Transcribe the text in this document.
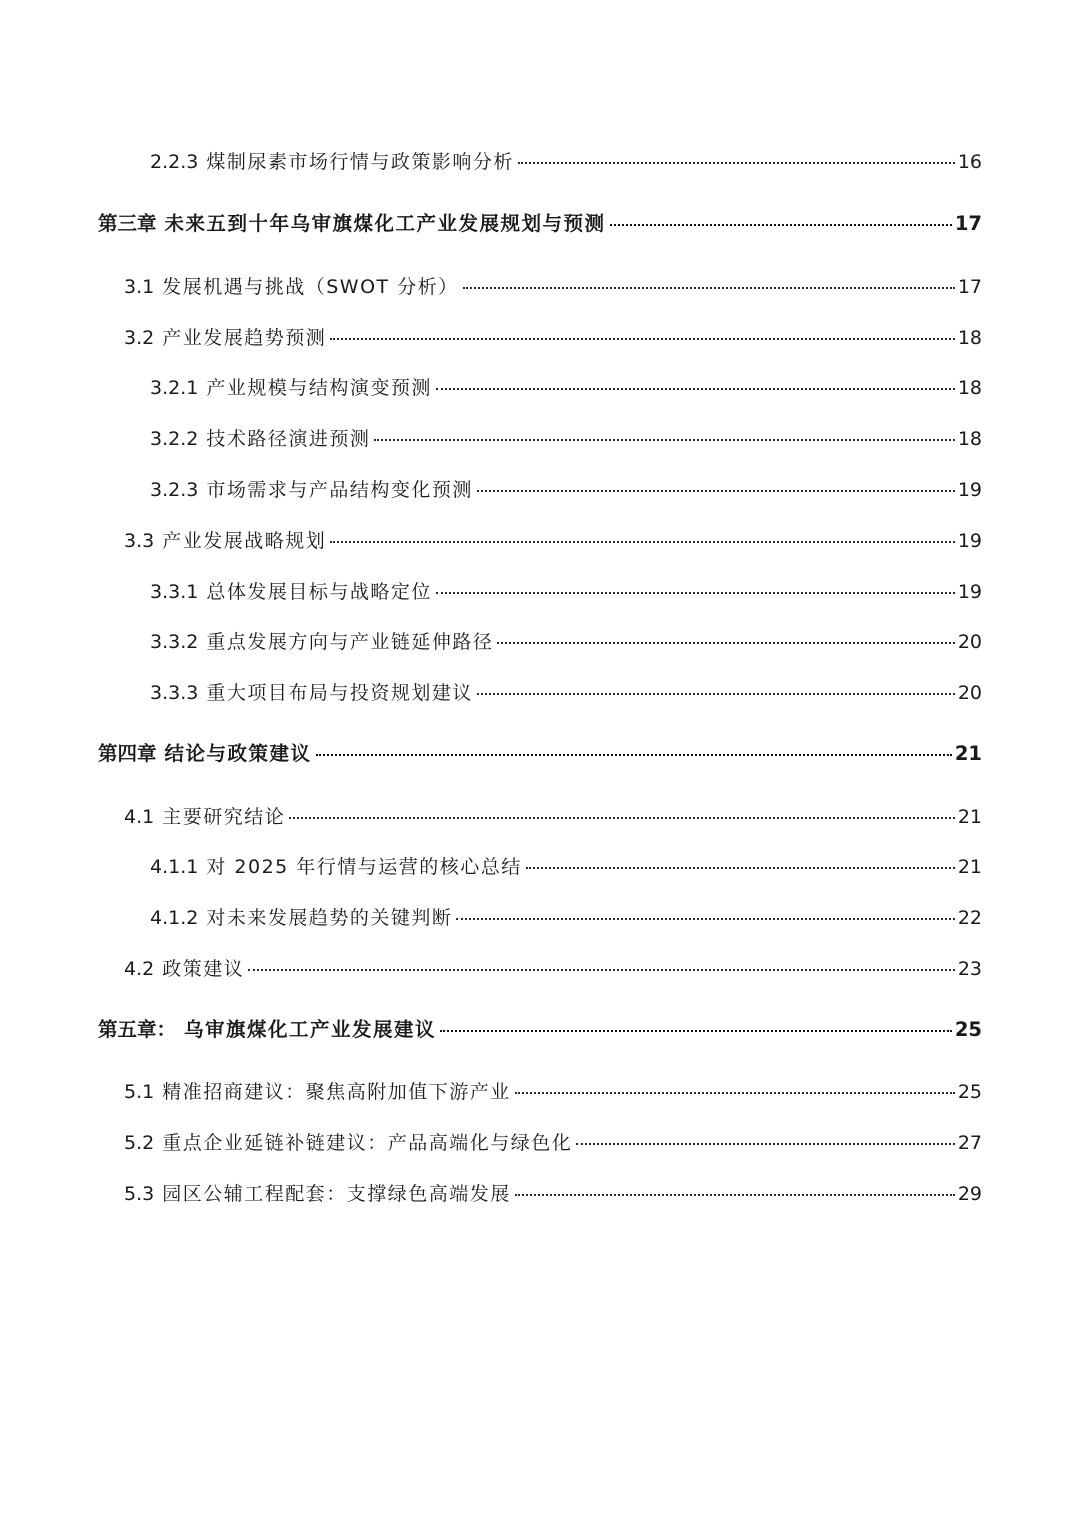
2.2.3 煤制尿素市场行情与政策影响分析	16
第三章 未来五到十年乌审旗煤化工产业发展规划与预测	17
3.1 发展机遇与挑战（SWOT 分析）	17
3.2 产业发展趋势预测	18
3.2.1 产业规模与结构演变预测	18
3.2.2 技术路径演进预测	18
3.2.3 市场需求与产品结构变化预测	19
3.3 产业发展战略规划	19
3.3.1 总体发展目标与战略定位	19
3.3.2 重点发展方向与产业链延伸路径	20
3.3.3 重大项目布局与投资规划建议	20
第四章 结论与政策建议	21
4.1 主要研究结论	21
4.1.1 对 2025 年行情与运营的核心总结	21
4.1.2 对未来发展趋势的关键判断	22
4.2 政策建议	23
第五章： 乌审旗煤化工产业发展建议	25
5.1 精准招商建议：聚焦高附加值下游产业	25
5.2 重点企业延链补链建议：产品高端化与绿色化	27
5.3 园区公辅工程配套：支撑绿色高端发展	29
